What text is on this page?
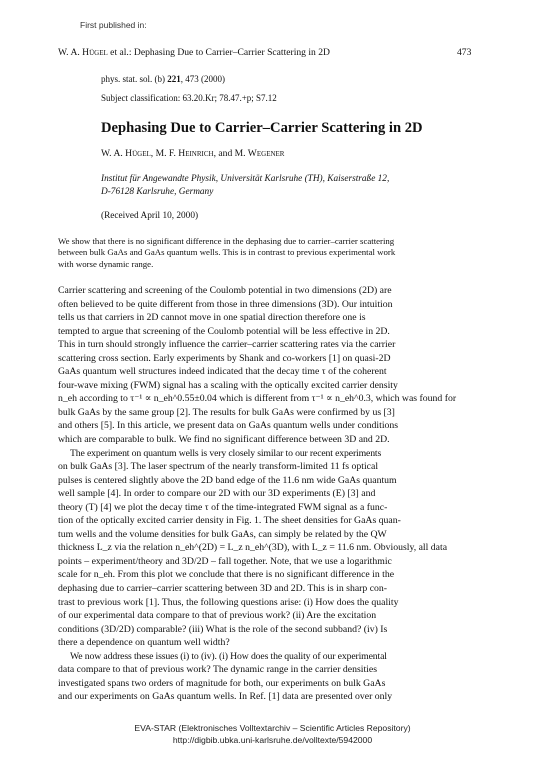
First published in:
W. A. Hügel et al.: Dephasing Due to Carrier–Carrier Scattering in 2D	473
phys. stat. sol. (b) 221, 473 (2000)
Subject classification: 63.20.Kr; 78.47.+p; S7.12
Dephasing Due to Carrier–Carrier Scattering in 2D
W. A. Hügel, M. F. Heinrich, and M. Wegener
Institut für Angewandte Physik, Universität Karlsruhe (TH), Kaiserstraße 12,
D-76128 Karlsruhe, Germany
(Received April 10, 2000)
We show that there is no significant difference in the dephasing due to carrier–carrier scattering
between bulk GaAs and GaAs quantum wells. This is in contrast to previous experimental work
with worse dynamic range.
Carrier scattering and screening of the Coulomb potential in two dimensions (2D) are
often believed to be quite different from those in three dimensions (3D). Our intuition
tells us that carriers in 2D cannot move in one spatial direction therefore one is
tempted to argue that screening of the Coulomb potential will be less effective in 2D.
This in turn should strongly influence the carrier–carrier scattering rates via the carrier
scattering cross section. Early experiments by Shank and co-workers [1] on quasi-2D
GaAs quantum well structures indeed indicated that the decay time τ of the coherent
four-wave mixing (FWM) signal has a scaling with the optically excited carrier density
n_eh according to τ⁻¹ ∝ n_eh^0.55±0.04 which is different from τ⁻¹ ∝ n_eh^0.3, which was found for
bulk GaAs by the same group [2]. The results for bulk GaAs were confirmed by us [3]
and others [5]. In this article, we present data on GaAs quantum wells under conditions
which are comparable to bulk. We find no significant difference between 3D and 2D.
The experiment on quantum wells is very closely similar to our recent experiments
on bulk GaAs [3]. The laser spectrum of the nearly transform-limited 11 fs optical
pulses is centered slightly above the 2D band edge of the 11.6 nm wide GaAs quantum
well sample [4]. In order to compare our 2D with our 3D experiments (E) [3] and
theory (T) [4] we plot the decay time τ of the time-integrated FWM signal as a func-
tion of the optically excited carrier density in Fig. 1. The sheet densities for GaAs quan-
tum wells and the volume densities for bulk GaAs, can simply be related by the QW
thickness L_z via the relation n_eh^(2D) = L_z n_eh^(3D), with L_z = 11.6 nm. Obviously, all data
points – experiment/theory and 3D/2D – fall together. Note, that we use a logarithmic
scale for n_eh. From this plot we conclude that there is no significant difference in the
dephasing due to carrier–carrier scattering between 3D and 2D. This is in sharp con-
trast to previous work [1]. Thus, the following questions arise: (i) How does the quality
of our experimental data compare to that of previous work? (ii) Are the excitation
conditions (3D/2D) comparable? (iii) What is the role of the second subband? (iv) Is
there a dependence on quantum well width?
We now address these issues (i) to (iv). (i) How does the quality of our experimental
data compare to that of previous work? The dynamic range in the carrier densities
investigated spans two orders of magnitude for both, our experiments on bulk GaAs
and our experiments on GaAs quantum wells. In Ref. [1] data are presented over only
EVA-STAR (Elektronisches Volltextarchiv – Scientific Articles Repository)
http://digbib.ubka.uni-karlsruhe.de/volltexte/5942000
